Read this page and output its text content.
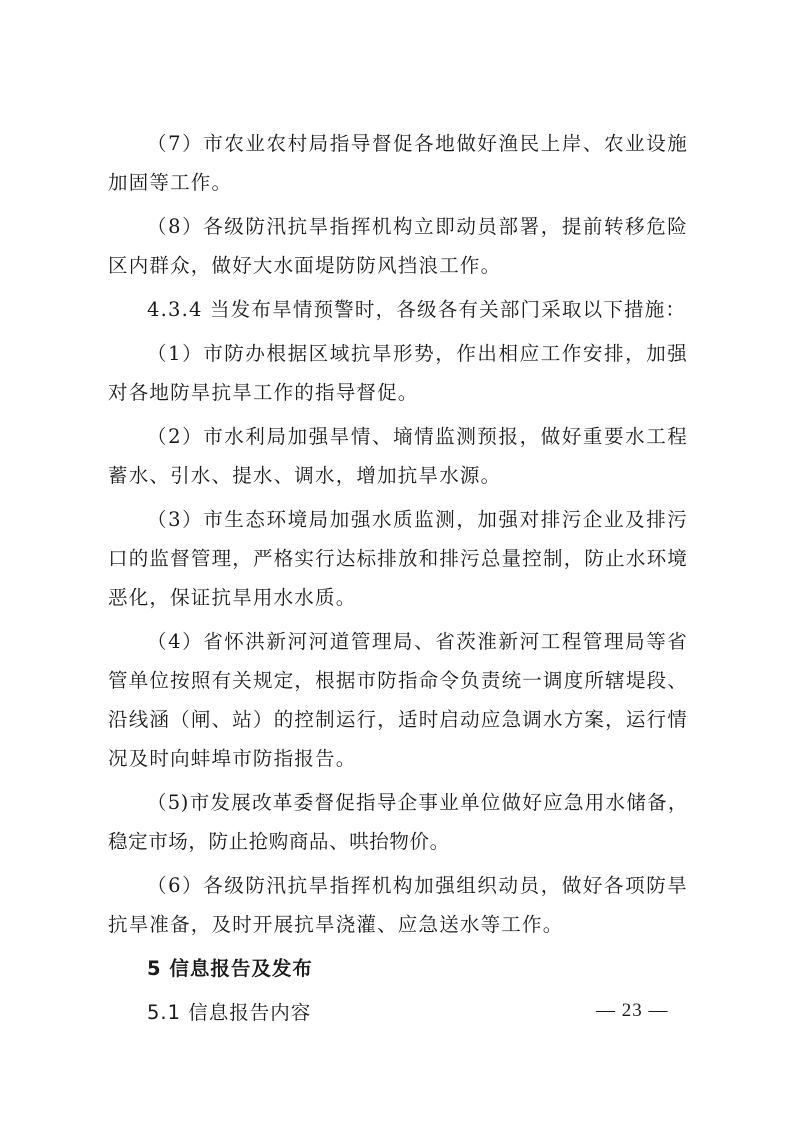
（7）市农业农村局指导督促各地做好渔民上岸、农业设施加固等工作。

（8）各级防汛抗旱指挥机构立即动员部署，提前转移危险区内群众，做好大水面堤防防风挡浪工作。

4.3.4 当发布旱情预警时，各级各有关部门采取以下措施：

（1）市防办根据区域抗旱形势，作出相应工作安排，加强对各地防旱抗旱工作的指导督促。

（2）市水利局加强旱情、墒情监测预报，做好重要水工程蓄水、引水、提水、调水，增加抗旱水源。

（3）市生态环境局加强水质监测，加强对排污企业及排污口的监督管理，严格实行达标排放和排污总量控制，防止水环境恶化，保证抗旱用水水质。

（4）省怀洪新河河道管理局、省茨淮新河工程管理局等省管单位按照有关规定，根据市防指命令负责统一调度所辖堤段、沿线涵（闸、站）的控制运行，适时启动应急调水方案，运行情况及时向蚌埠市防指报告。

（5)市发展改革委督促指导企事业单位做好应急用水储备，稳定市场，防止抢购商品、哄抬物价。

（6）各级防汛抗旱指挥机构加强组织动员，做好各项防旱抗旱准备，及时开展抗旱浇灌、应急送水等工作。

5 信息报告及发布

5.1 信息报告内容	— 23 —
